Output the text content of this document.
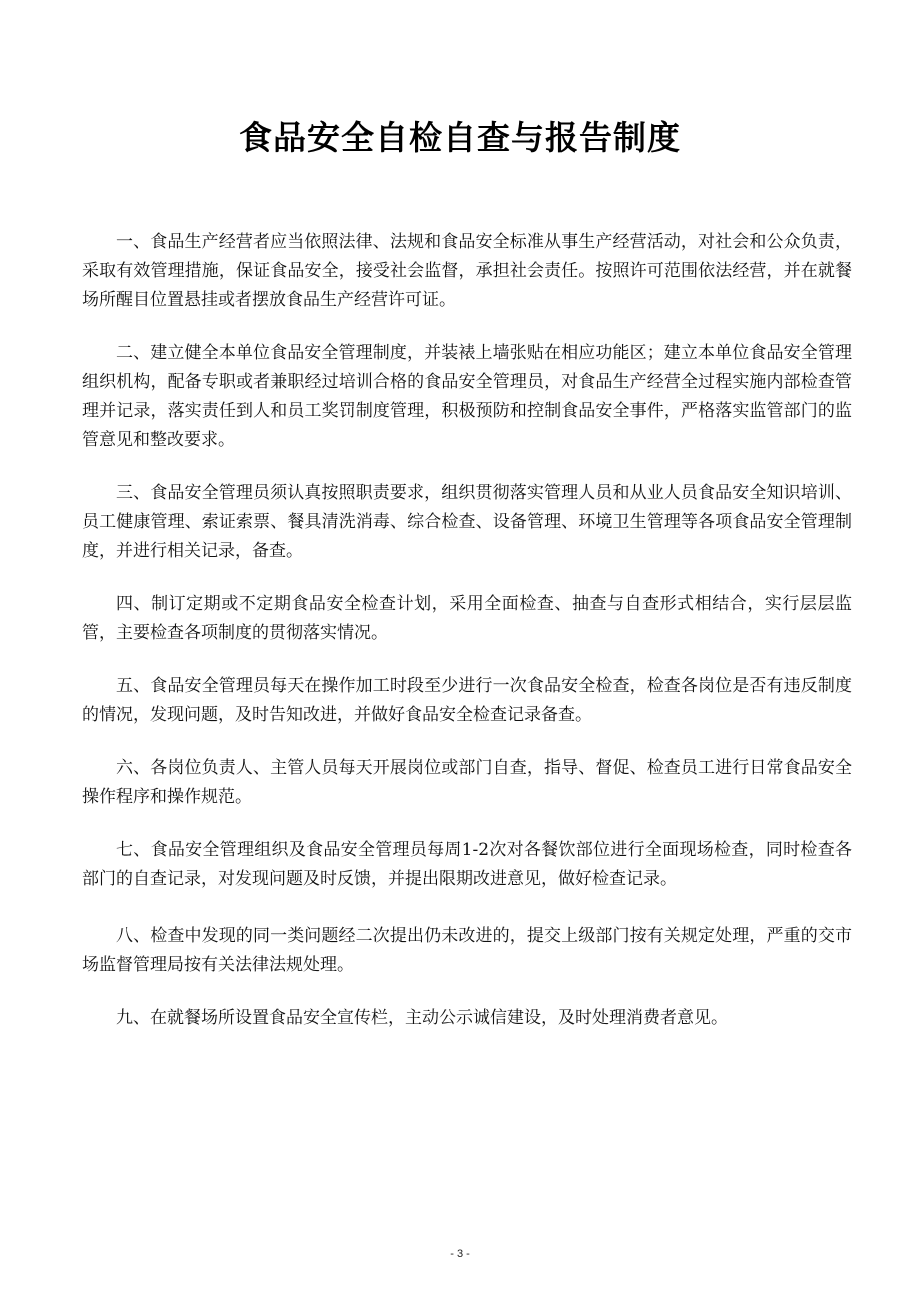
食品安全自检自查与报告制度

一、食品生产经营者应当依照法律、法规和食品安全标准从事生产经营活动，对社会和公众负责，采取有效管理措施，保证食品安全，接受社会监督，承担社会责任。按照许可范围依法经营，并在就餐场所醒目位置悬挂或者摆放食品生产经营许可证。

二、建立健全本单位食品安全管理制度，并装裱上墙张贴在相应功能区；建立本单位食品安全管理组织机构，配备专职或者兼职经过培训合格的食品安全管理员，对食品生产经营全过程实施内部检查管理并记录，落实责任到人和员工奖罚制度管理，积极预防和控制食品安全事件，严格落实监管部门的监管意见和整改要求。

三、食品安全管理员须认真按照职责要求，组织贯彻落实管理人员和从业人员食品安全知识培训、员工健康管理、索证索票、餐具清洗消毒、综合检查、设备管理、环境卫生管理等各项食品安全管理制度，并进行相关记录，备查。

四、制订定期或不定期食品安全检查计划，采用全面检查、抽查与自查形式相结合，实行层层监管，主要检查各项制度的贯彻落实情况。

五、食品安全管理员每天在操作加工时段至少进行一次食品安全检查，检查各岗位是否有违反制度的情况，发现问题，及时告知改进，并做好食品安全检查记录备查。

六、各岗位负责人、主管人员每天开展岗位或部门自查，指导、督促、检查员工进行日常食品安全操作程序和操作规范。

七、食品安全管理组织及食品安全管理员每周1-2次对各餐饮部位进行全面现场检查，同时检查各部门的自查记录，对发现问题及时反馈，并提出限期改进意见，做好检查记录。

八、检查中发现的同一类问题经二次提出仍未改进的，提交上级部门按有关规定处理，严重的交市场监督管理局按有关法律法规处理。

九、在就餐场所设置食品安全宣传栏，主动公示诚信建设，及时处理消费者意见。

- 3 -
